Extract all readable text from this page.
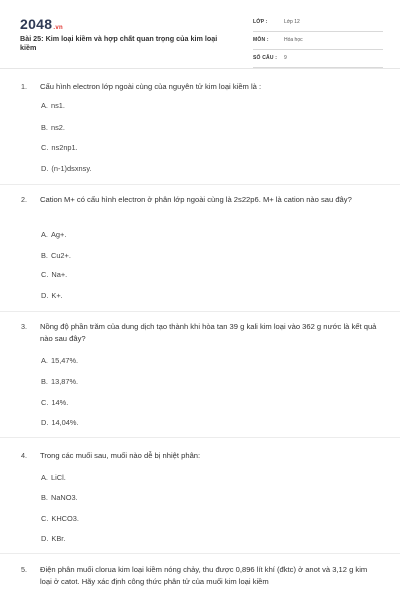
2048.vn
Bài 25: Kim loại kiềm và hợp chất quan trọng của kim loại kiềm
LỚP :	Lớp 12
MÔN :	Hóa học
SỐ CÂU : 9
1. Cấu hình electron lớp ngoài cùng của nguyên tử kim loại kiềm là :
A. ns1.
B. ns2.
C. ns2np1.
D. (n-1)dsxnsy.
2. Cation M+ có cấu hình electron ở phân lớp ngoài cùng là 2s22p6. M+ là cation nào sau đây?
A. Ag+.
B. Cu2+.
C. Na+.
D. K+.
3. Nồng độ phần trăm của dung dịch tạo thành khi hòa tan 39 g kali kim loại vào 362 g nước là kết quả nào sau đây?
A. 15,47%.
B. 13,87%.
C. 14%.
D. 14,04%.
4. Trong các muối sau, muối nào dễ bị nhiệt phân:
A. LiCl.
B. NaNO3.
C. KHCO3.
D. KBr.
5. Điện phân muối clorua kim loại kiềm nóng chảy, thu được 0,896 lít khí (đktc) ở anot và 3,12 g kim loại ở catot. Hãy xác định công thức phân tử của muối kim loại kiềm
